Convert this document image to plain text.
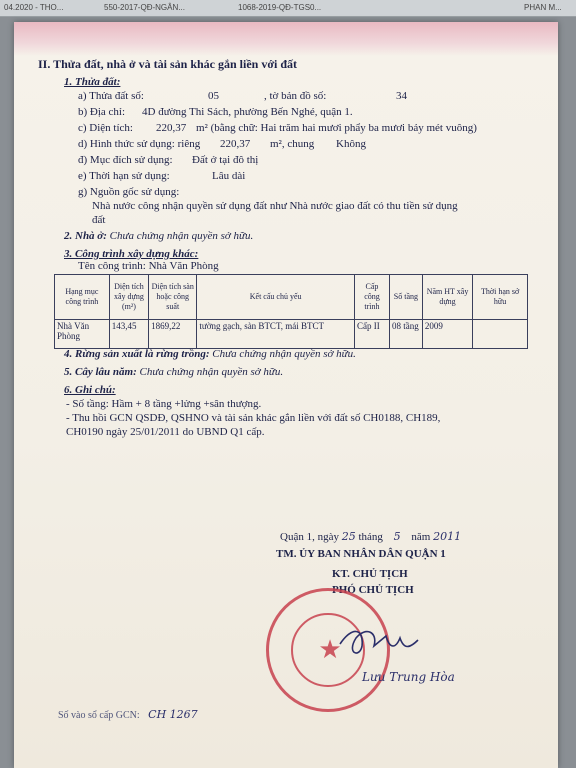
04.2020 - THO...	550-2017-QĐ-NGÂN...	1068-2019-QĐ-TGS0...	PHAN M...
II. Thửa đất, nhà ở và tài sản khác gắn liền với đất
1. Thửa đất:
a) Thửa đất số:	05	, tờ bản đồ số:	34
b) Địa chỉ: 4D đường Thi Sách, phường Bến Nghé, quận 1.
c) Diện tích: 220,37 m² (bằng chữ: Hai trăm hai mươi phẩy ba mươi bảy mét vuông)
d) Hình thức sử dụng: riêng 220,37 m², chung Không
đ) Mục đích sử dụng: Đất ở tại đô thị
e) Thời hạn sử dụng:	Lâu dài
g) Nguồn gốc sử dụng:
Nhà nước công nhận quyền sử dụng đất như Nhà nước giao đất có thu tiền sử dụng
đất
2. Nhà ở: Chưa chứng nhận quyền sở hữu.
3. Công trình xây dựng khác:
Tên công trình: Nhà Văn Phòng
Hạng mục công trình	Diện tích xây dựng (m²)	Diện tích sàn hoặc công suất	Kết cấu chủ yếu	Cấp công trình	Số tầng	Năm HT xây dựng	Thời hạn sở hữu
Nhà Văn Phòng	143,45	1869,22	tường gạch, sàn BTCT, mái BTCT	Cấp II	08 tầng	2009	
4. Rừng sản xuất là rừng trồng: Chưa chứng nhận quyền sở hữu.
5. Cây lâu năm: Chưa chứng nhận quyền sở hữu.
6. Ghi chú:
- Số tầng: Hầm + 8 tầng +lửng +sân thượng.
- Thu hồi GCN QSDĐ, QSHNO và tài sản khác gắn liền với đất số CH0188, CH189,
CH0190 ngày 25/01/2011 do UBND Q1 cấp.
Quận 1, ngày 25 tháng 5 năm 2011
TM. ỦY BAN NHÂN DÂN QUẬN 1
KT. CHỦ TỊCH
PHÓ CHỦ TỊCH
★
Lưu Trung Hòa
Số vào sổ cấp GCN: CH 1267
